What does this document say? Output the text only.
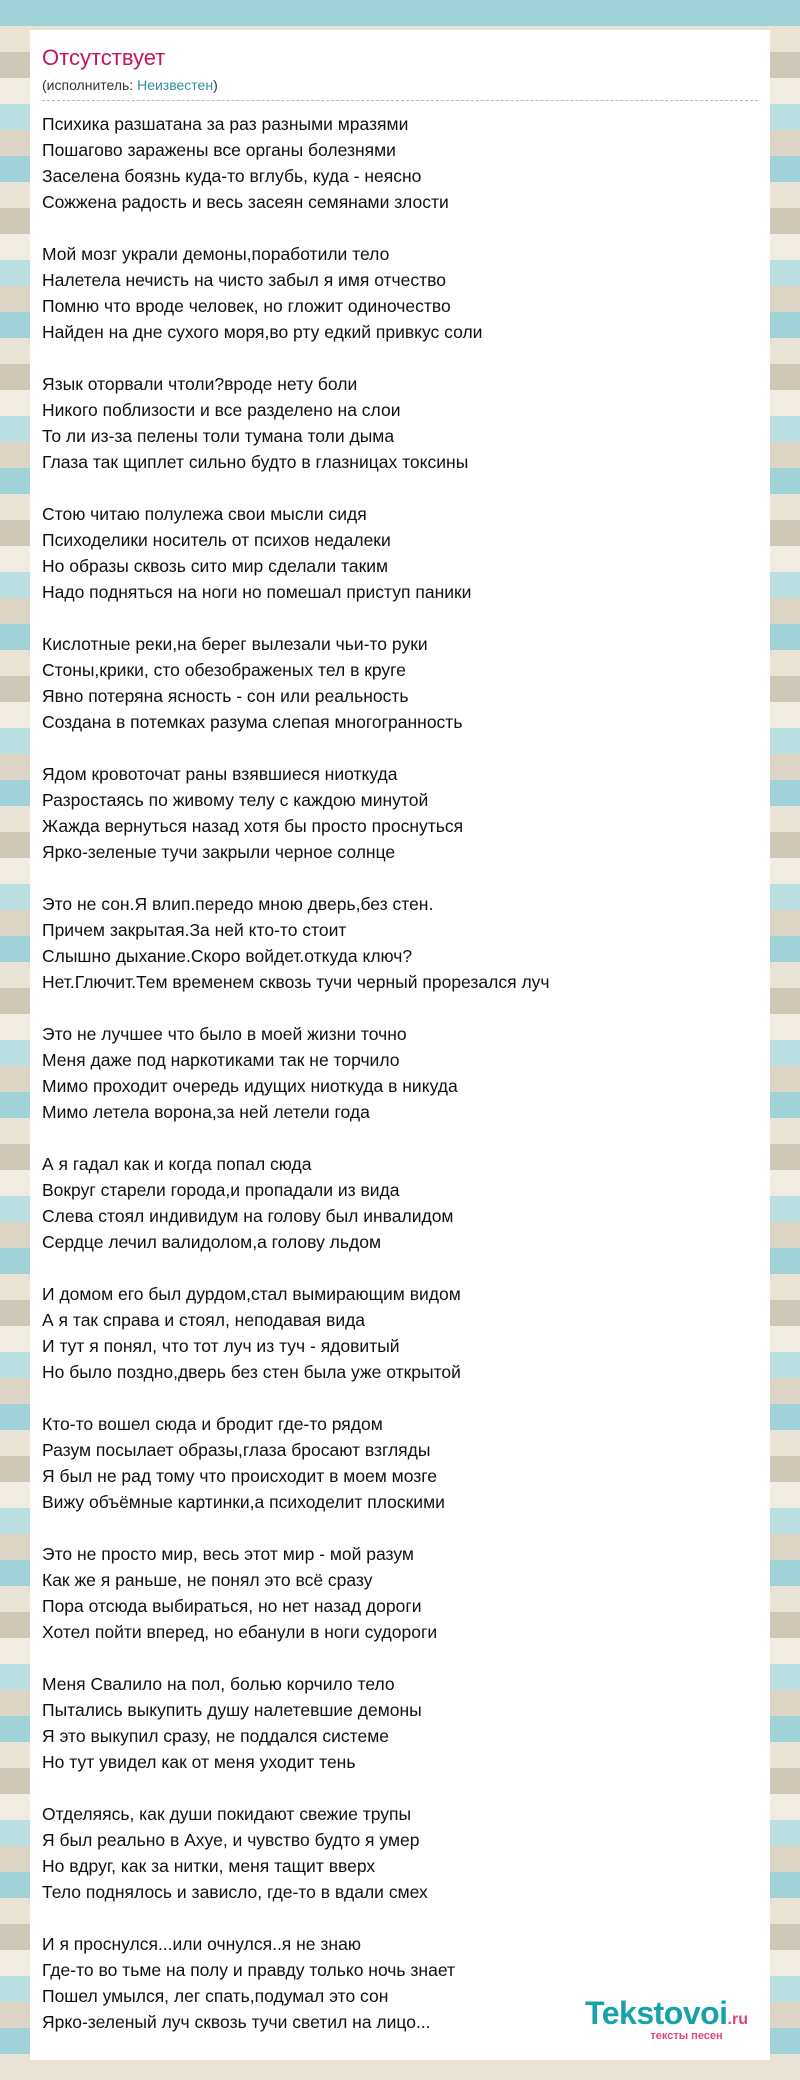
Отсутствует
(исполнитель: Неизвестен)
Психика разшатана за раз разными мразями
Пошагово заражены все органы болезнями
Заселена боязнь куда-то вглубь, куда - неясно
Сожжена радость и весь засеян семянами злости
Мой мозг украли демоны,поработили тело
Налетела нечисть на чисто забыл я имя отчество
Помню что вроде человек, но гложит одиночество
Найден на дне сухого моря,во рту едкий привкус соли
Язык оторвали чтоли?вроде нету боли
Никого поблизости и все разделено на слои
То ли из-за пелены толи тумана толи дыма
Глаза так щиплет сильно будто в глазницах токсины
Стою читаю полулежа свои мысли сидя
Психоделики носитель от психов недалеки
Но образы сквозь сито мир сделали таким
Надо подняться на ноги но помешал приступ паники
Кислотные реки,на берег вылезали чьи-то руки
Стоны,крики, сто обезображеных тел в круге
Явно потеряна ясность - сон или реальность
Создана в потемках разума слепая многогранность
Ядом кровоточат раны взявшиеся ниоткуда
Разростаясь по живому телу с каждою минутой
Жажда вернуться назад хотя бы просто проснуться
Ярко-зеленые тучи закрыли черное солнце
Это не сон.Я влип.передо мною дверь,без стен.
Причем закрытая.За ней кто-то стоит
Слышно дыхание.Скоро войдет.откуда ключ?
Нет.Глючит.Тем временем сквозь тучи черный прорезался луч
Это не лучшее что было в моей жизни точно
Меня даже под наркотиками так не торчило
Мимо проходит очередь идущих ниоткуда в никуда
Мимо летела ворона,за ней летели года
А я гадал как и когда попал сюда
Вокруг старели города,и пропадали из вида
Слева стоял индивидум на голову был инвалидом
Сердце лечил валидолом,а голову льдом
И домом его был дурдом,стал вымирающим видом
А я так справа и стоял, неподавая вида
И тут я понял, что тот луч из туч - ядовитый
Но было поздно,дверь без стен была уже открытой
Кто-то вошел сюда и бродит где-то рядом
Разум посылает образы,глаза бросают взгляды
Я был не рад тому что происходит в моем мозге
Вижу объёмные картинки,а психоделит плоскими
Это не просто мир, весь этот мир - мой разум
Как же я раньше, не понял это всё сразу
Пора отсюда выбираться, но нет назад дороги
Хотел пойти вперед, но ебанули в ноги судороги
Меня Свалило на пол, болью корчило тело
Пытались выкупить душу налетевшие демоны
Я это выкупил сразу, не поддался системе
Но тут увидел как от меня уходит тень
Отделяясь, как души покидают свежие трупы
Я был реально в Ахуе, и чувство будто я умер
Но вдруг, как за нитки, меня тащит вверх
Тело поднялось и зависло, где-то в вдали смех
И я проснулся...или очнулся..я не знаю
Где-то во тьме на полу и правду только ночь знает
Пошел умылся, лег спать,подумал это сон
Ярко-зеленый луч сквозь тучи светил на лицо...	Tekstovoi.ru
тексты песен
